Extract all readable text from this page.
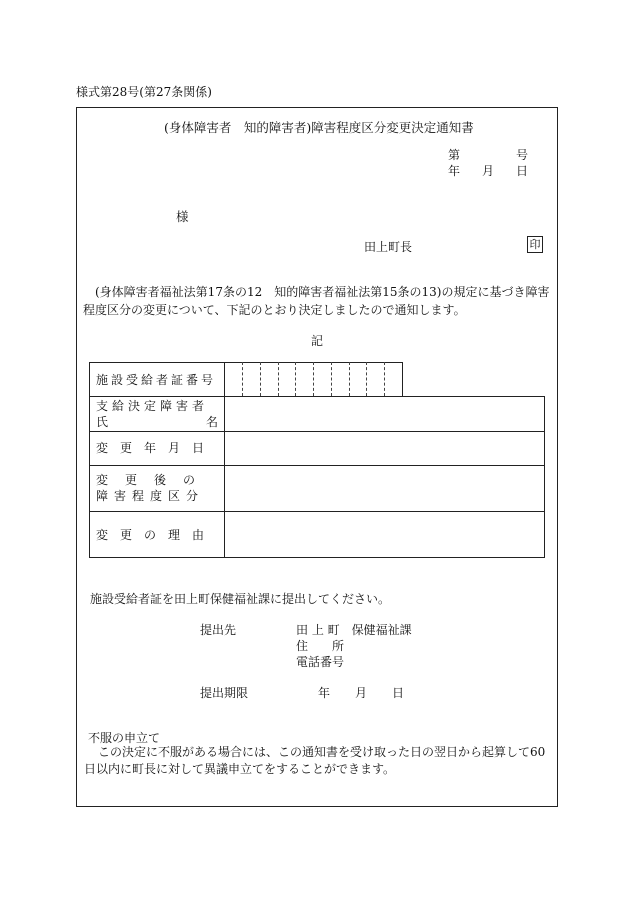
様式第28号(第27条関係)
(身体障害者　知的障害者)障害程度区分変更決定通知書
第	号
年 月 日
様
田上町長	印
(身体障害者福祉法第17条の12　知的障害者福祉法第15条の13)の規定に基づき障害程度区分の変更について、下記のとおり決定しましたので通知します。
記
施設受給者証番号
支給決定障害者
氏	名
変更年月日
変更後の
障害程度区分
変更の理由
施設受給者証を田上町保健福祉課に提出してください。
提出先	田 上 町　保健福祉課
住　　所
電話番号
提出期限	年 月 日
不服の申立て
この決定に不服がある場合には、この通知書を受け取った日の翌日から起算して60日以内に町長に対して異議申立てをすることができます。
